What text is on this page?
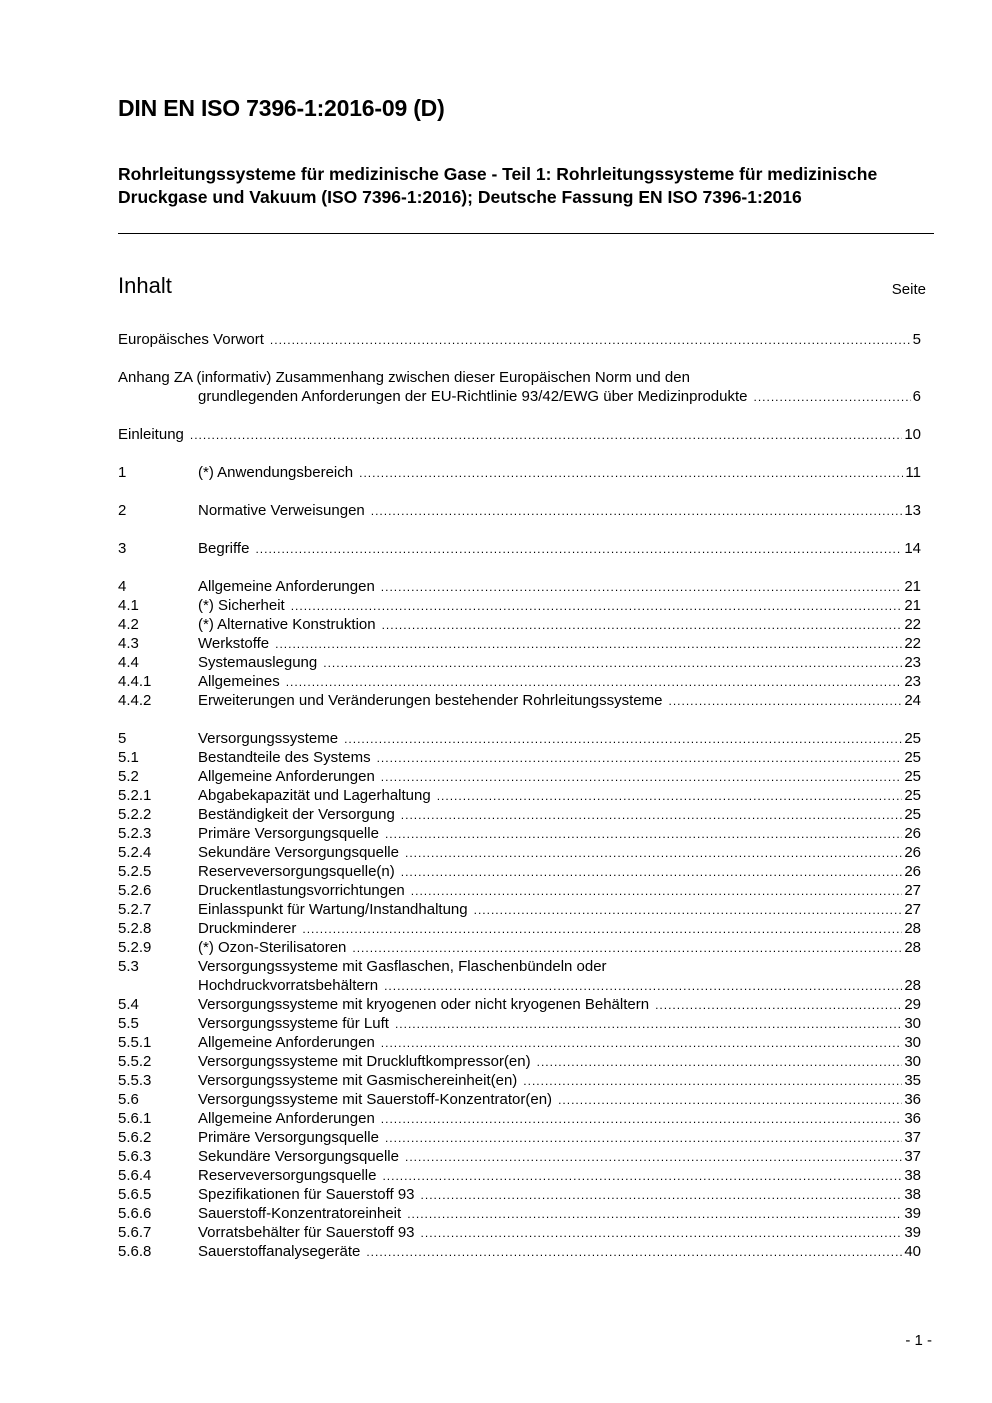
DIN EN ISO 7396-1:2016-09 (D)

Rohrleitungssysteme für medizinische Gase - Teil 1: Rohrleitungssysteme für medizinische Druckgase und Vakuum (ISO 7396-1:2016); Deutsche Fassung EN ISO 7396-1:2016

Inhalt	Seite
Europäisches Vorwort .....	5
Anhang ZA (informativ) Zusammenhang zwischen dieser Europäischen Norm und den
grundlegenden Anforderungen der EU-Richtlinie 93/42/EWG über Medizinprodukte .....	6
Einleitung .....	10
1	(*) Anwendungsbereich .....	11
2	Normative Verweisungen .....	13
3	Begriffe .....	14
4	Allgemeine Anforderungen .....	21
4.1	(*) Sicherheit .....	21
4.2	(*) Alternative Konstruktion .....	22
4.3	Werkstoffe .....	22
4.4	Systemauslegung .....	23
4.4.1	Allgemeines .....	23
4.4.2	Erweiterungen und Veränderungen bestehender Rohrleitungssysteme .....	24
5	Versorgungssysteme .....	25
5.1	Bestandteile des Systems .....	25
5.2	Allgemeine Anforderungen .....	25
5.2.1	Abgabekapazität und Lagerhaltung .....	25
5.2.2	Beständigkeit der Versorgung .....	25
5.2.3	Primäre Versorgungsquelle .....	26
5.2.4	Sekundäre Versorgungsquelle .....	26
5.2.5	Reserveversorgungsquelle(n) .....	26
5.2.6	Druckentlastungsvorrichtungen .....	27
5.2.7	Einlasspunkt für Wartung/Instandhaltung .....	27
5.2.8	Druckminderer .....	28
5.2.9	(*) Ozon-Sterilisatoren .....	28
5.3	Versorgungssysteme mit Gasflaschen, Flaschenbündeln oder
Hochdruckvorratsbehältern .....	28
5.4	Versorgungssysteme mit kryogenen oder nicht kryogenen Behältern .....	29
5.5	Versorgungssysteme für Luft .....	30
5.5.1	Allgemeine Anforderungen .....	30
5.5.2	Versorgungssysteme mit Druckluftkompressor(en) .....	30
5.5.3	Versorgungssysteme mit Gasmischereinheit(en) .....	35
5.6	Versorgungssysteme mit Sauerstoff-Konzentrator(en) .....	36
5.6.1	Allgemeine Anforderungen .....	36
5.6.2	Primäre Versorgungsquelle .....	37
5.6.3	Sekundäre Versorgungsquelle .....	37
5.6.4	Reserveversorgungsquelle .....	38
5.6.5	Spezifikationen für Sauerstoff 93 .....	38
5.6.6	Sauerstoff-Konzentratoreinheit .....	39
5.6.7	Vorratsbehälter für Sauerstoff 93 .....	39
5.6.8	Sauerstoffanalysegeräte .....	40
- 1 -
